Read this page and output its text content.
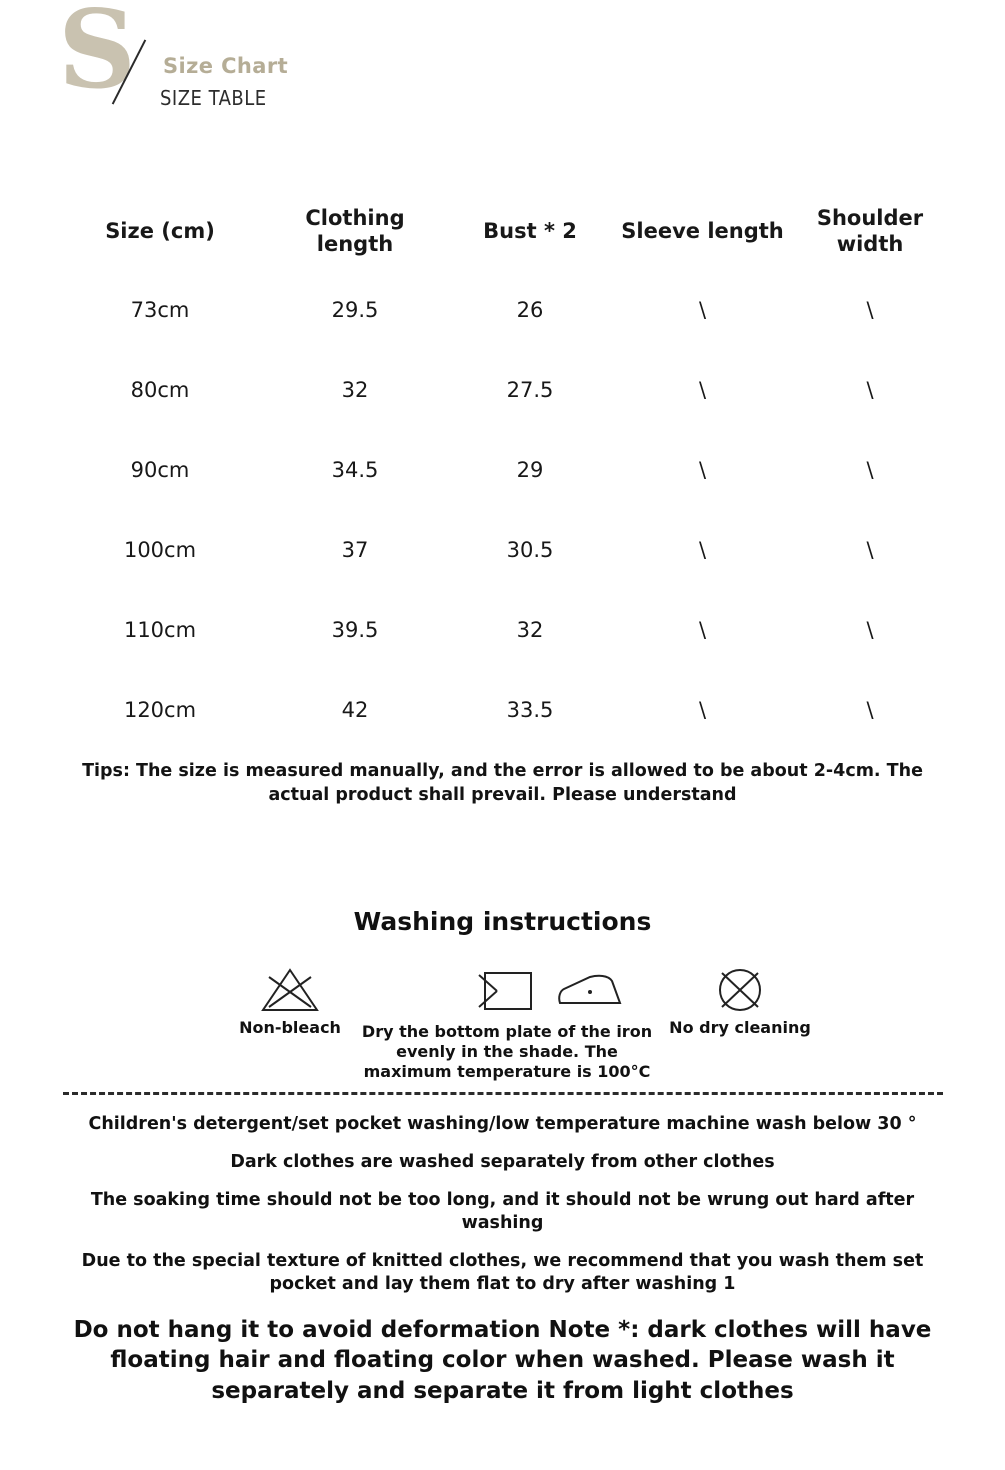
S Size Chart
SIZE TABLE
Size (cm)	Clothing length	Bust * 2	Sleeve length	Shoulder width
73cm	29.5	26	\	\
80cm	32	27.5	\	\
90cm	34.5	29	\	\
100cm	37	30.5	\	\
110cm	39.5	32	\	\
120cm	42	33.5	\	\
Tips: The size is measured manually, and the error is allowed to be about 2-4cm. The actual product shall prevail. Please understand
Washing instructions
Non-bleach	Dry the bottom plate of the iron evenly in the shade. The maximum temperature is 100°C
No dry cleaning

Children's detergent/set pocket washing/low temperature machine wash below 30 °

Dark clothes are washed separately from other clothes

The soaking time should not be too long, and it should not be wrung out hard after washing

Due to the special texture of knitted clothes, we recommend that you wash them set pocket and lay them flat to dry after washing 1

Do not hang it to avoid deformation Note *: dark clothes will have floating hair and floating color when washed. Please wash it separately and separate it from light clothes
